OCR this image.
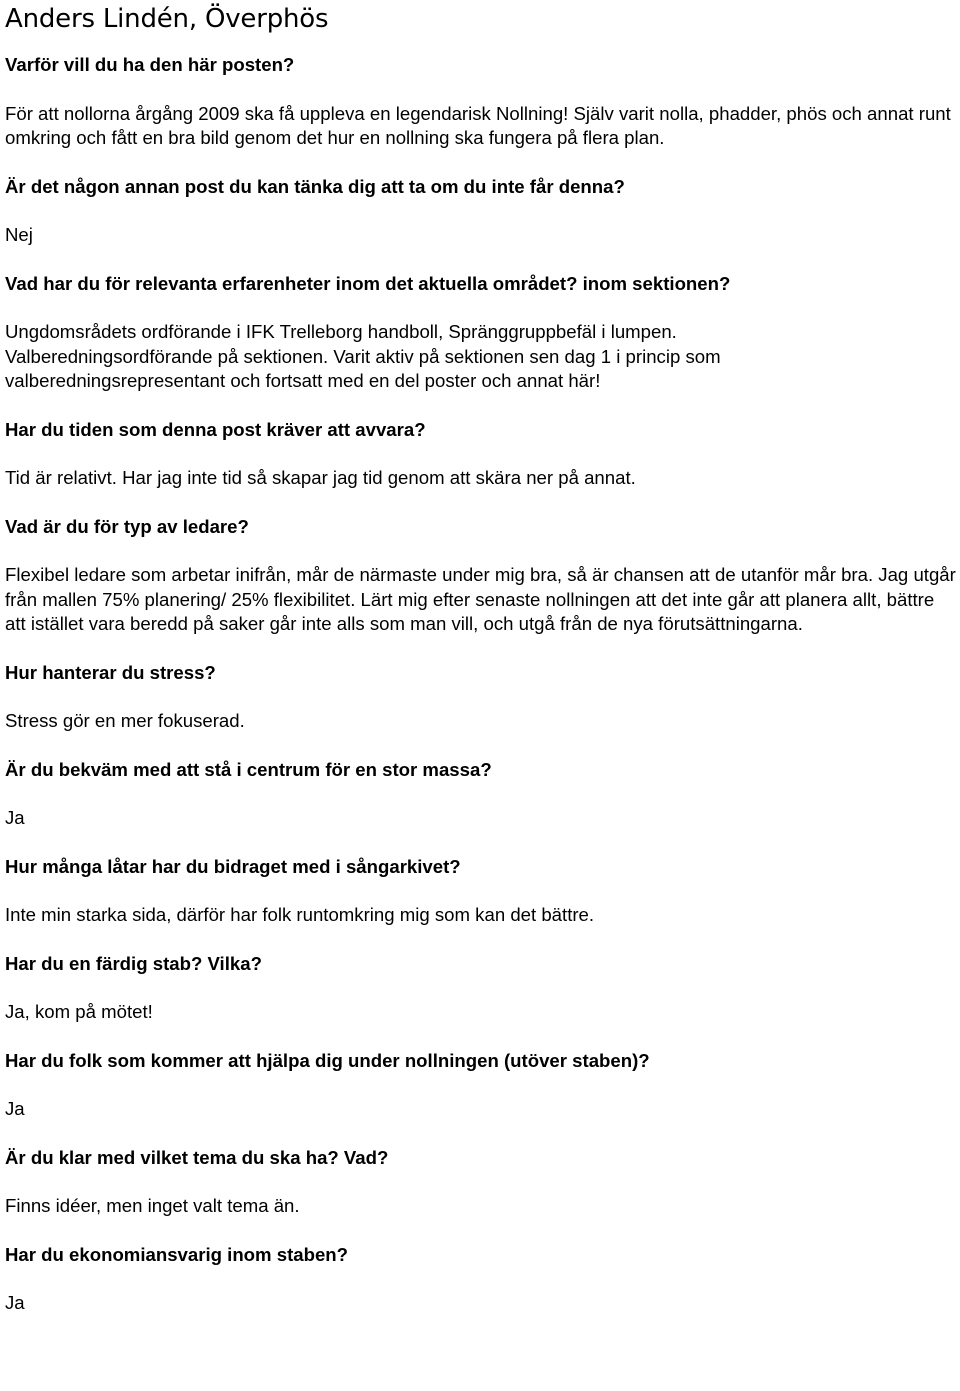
Anders Lindén, Överphös

Varför vill du ha den här posten?

För att nollorna årgång 2009 ska få uppleva en legendarisk Nollning! Själv varit nolla, phadder, phös och annat runt omkring och fått en bra bild genom det hur en nollning ska fungera på flera plan.

Är det någon annan post du kan tänka dig att ta om du inte får denna?

Nej

Vad har du för relevanta erfarenheter inom det aktuella området? inom sektionen?

Ungdomsrådets ordförande i IFK Trelleborg handboll, Spränggruppbefäl i lumpen. Valberedningsordförande på sektionen. Varit aktiv på sektionen sen dag 1 i princip som valberedningsrepresentant och fortsatt med en del poster och annat här!

Har du tiden som denna post kräver att avvara?

Tid är relativt. Har jag inte tid så skapar jag tid genom att skära ner på annat.

Vad är du för typ av ledare?

Flexibel ledare som arbetar inifrån, mår de närmaste under mig bra, så är chansen att de utanför mår bra. Jag utgår från mallen 75% planering/ 25% flexibilitet. Lärt mig efter senaste nollningen att det inte går att planera allt, bättre att istället vara beredd på saker går inte alls som man vill, och utgå från de nya förutsättningarna.

Hur hanterar du stress?

Stress gör en mer fokuserad.

Är du bekväm med att stå i centrum för en stor massa?

Ja

Hur många låtar har du bidraget med i sångarkivet?

Inte min starka sida, därför har folk runtomkring mig som kan det bättre.

Har du en färdig stab? Vilka?

Ja, kom på mötet!

Har du folk som kommer att hjälpa dig under nollningen (utöver staben)?

Ja

Är du klar med vilket tema du ska ha? Vad?

Finns idéer, men inget valt tema än.

Har du ekonomiansvarig inom staben?

Ja
